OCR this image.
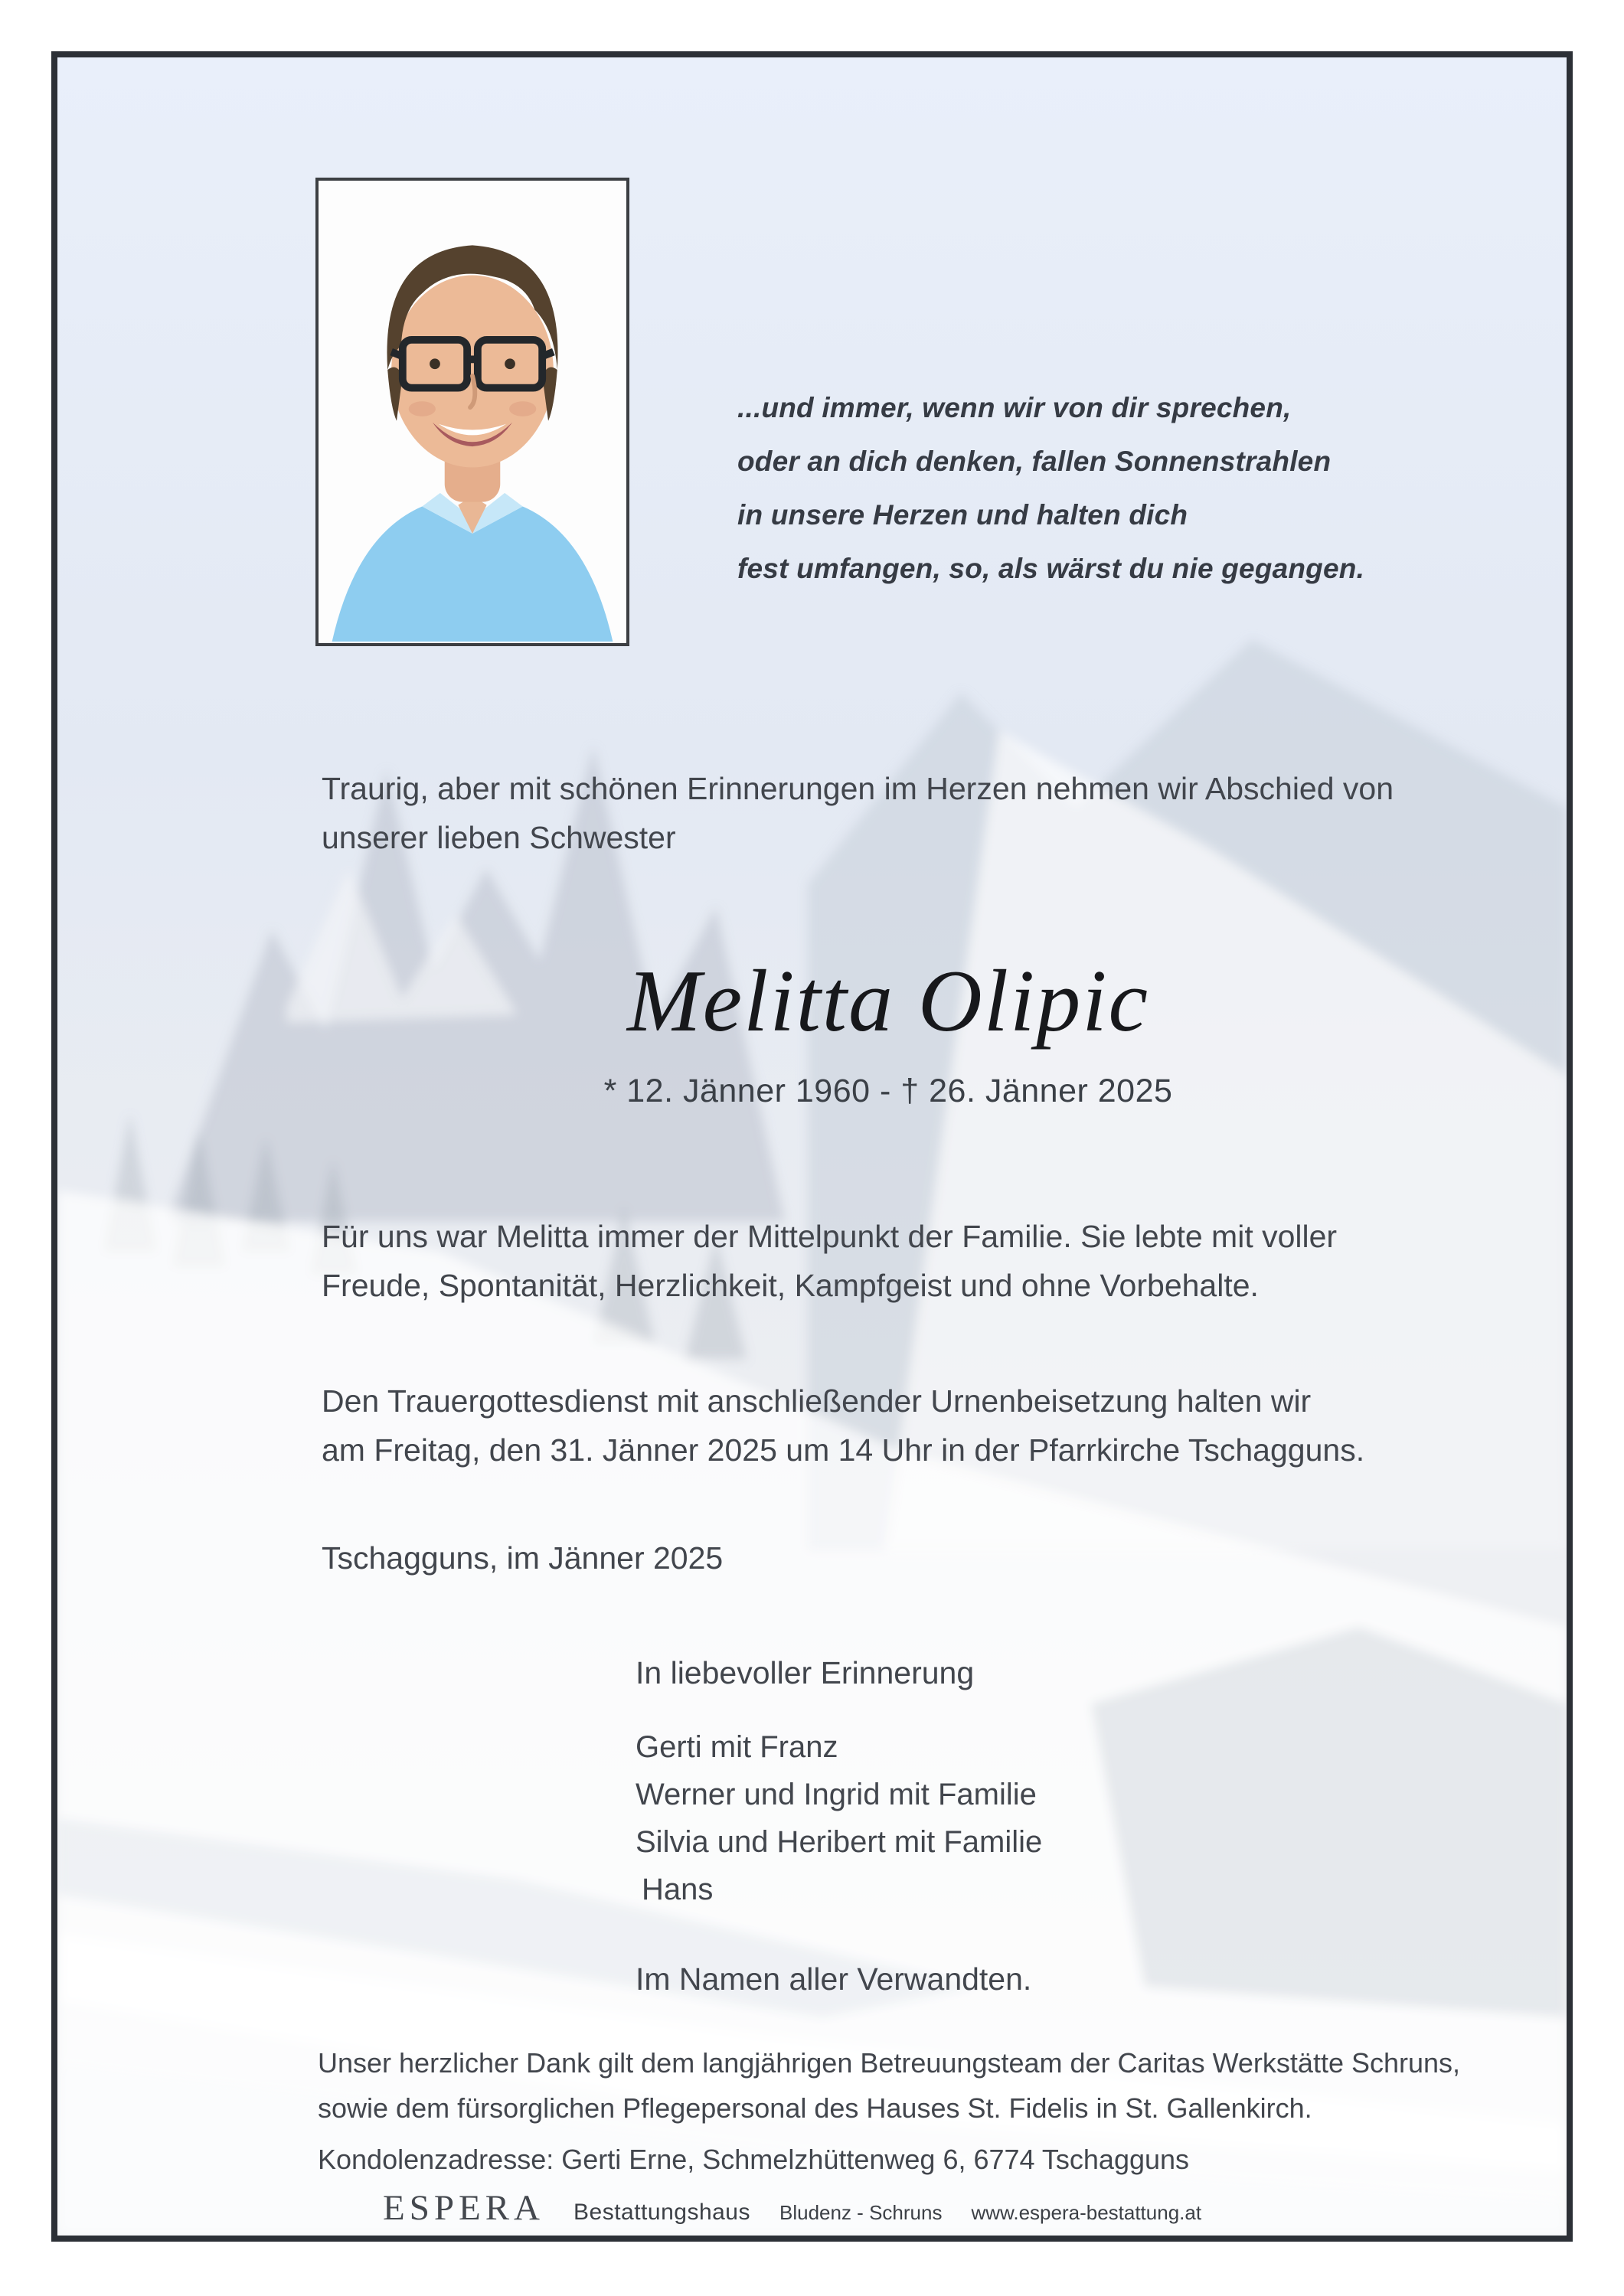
...und immer, wenn wir von dir sprechen,
oder an dich denken, fallen Sonnenstrahlen
in unsere Herzen und halten dich
fest umfangen, so, als wärst du nie gegangen.
Traurig, aber mit schönen Erinnerungen im Herzen nehmen wir Abschied von
unserer lieben Schwester
Melitta Olipic
* 12. Jänner 1960 - † 26. Jänner 2025
Für uns war Melitta immer der Mittelpunkt der Familie. Sie lebte mit voller
Freude, Spontanität, Herzlichkeit, Kampfgeist und ohne Vorbehalte.
Den Trauergottesdienst mit anschließender Urnenbeisetzung halten wir
am Freitag, den 31. Jänner 2025 um 14 Uhr in der Pfarrkirche Tschagguns.
Tschagguns, im Jänner 2025
In liebevoller Erinnerung
Gerti mit Franz
Werner und Ingrid mit Familie
Silvia und Heribert mit Familie
Hans
Im Namen aller Verwandten.
Unser herzlicher Dank gilt dem langjährigen Betreuungsteam der Caritas Werkstätte Schruns,
sowie dem fürsorglichen Pflegepersonal des Hauses St. Fidelis in St. Gallenkirch.
Kondolenzadresse: Gerti Erne, Schmelzhüttenweg 6, 6774 Tschagguns
ESPERA Bestattungshaus Bludenz - Schruns www.espera-bestattung.at
